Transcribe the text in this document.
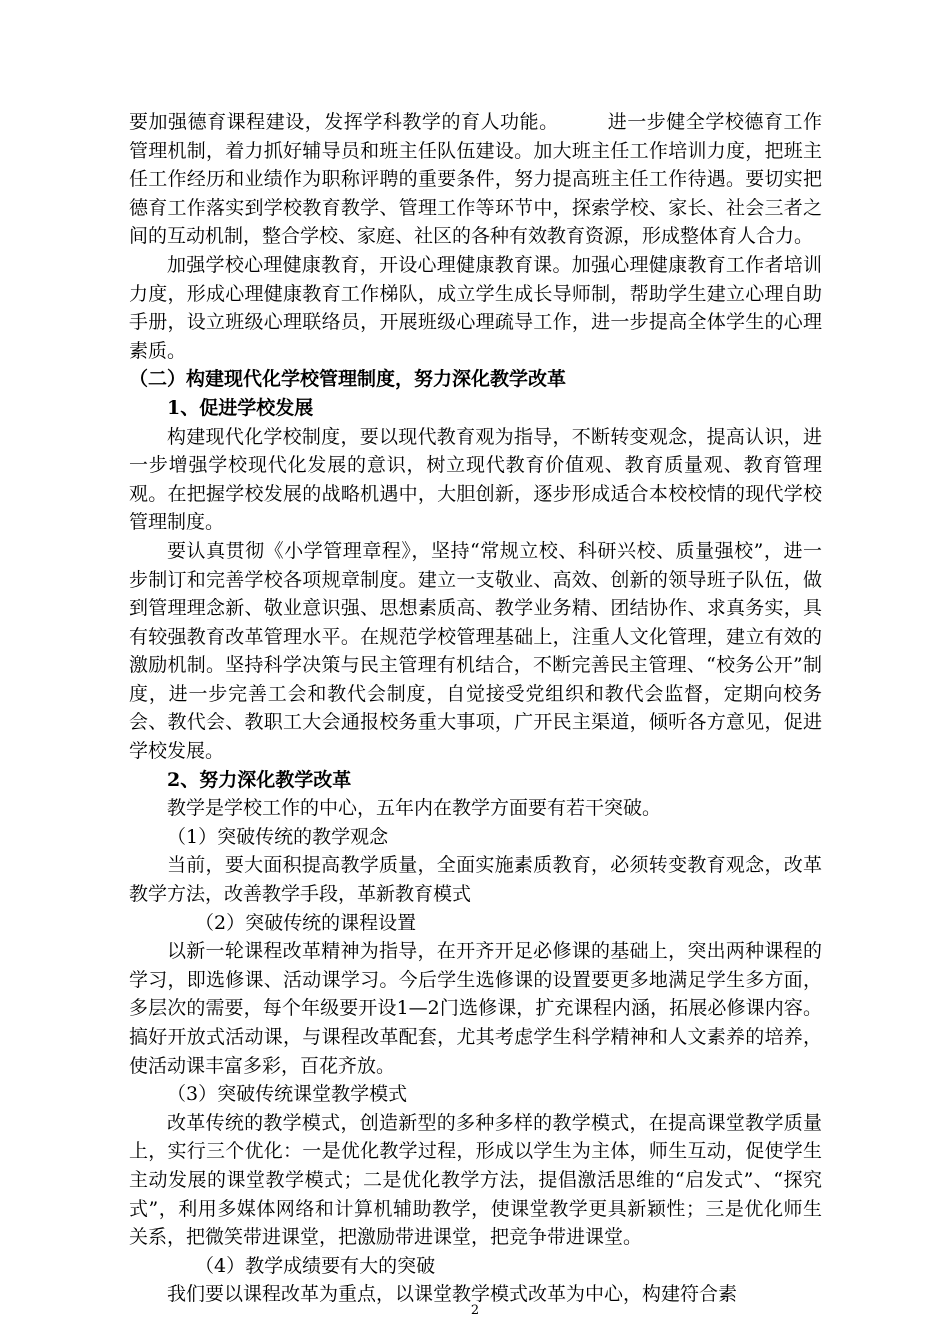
要加强德育课程建设，发挥学科教学的育人功能。　　　进一步健全学校德育工作管理机制，着力抓好辅导员和班主任队伍建设。加大班主任工作培训力度，把班主任工作经历和业绩作为职称评聘的重要条件，努力提高班主任工作待遇。要切实把德育工作落实到学校教育教学、管理工作等环节中，探索学校、家长、社会三者之间的互动机制，整合学校、家庭、社区的各种有效教育资源，形成整体育人合力。

加强学校心理健康教育，开设心理健康教育课。加强心理健康教育工作者培训力度，形成心理健康教育工作梯队，成立学生成长导师制，帮助学生建立心理自助手册，设立班级心理联络员，开展班级心理疏导工作，进一步提高全体学生的心理素质。

（二）构建现代化学校管理制度，努力深化教学改革

1、促进学校发展

构建现代化学校制度，要以现代教育观为指导，不断转变观念，提高认识，进一步增强学校现代化发展的意识，树立现代教育价值观、教育质量观、教育管理观。在把握学校发展的战略机遇中，大胆创新，逐步形成适合本校校情的现代学校管理制度。

要认真贯彻《小学管理章程》，坚持“常规立校、科研兴校、质量强校”，进一步制订和完善学校各项规章制度。建立一支敬业、高效、创新的领导班子队伍，做到管理理念新、敬业意识强、思想素质高、教学业务精、团结协作、求真务实，具有较强教育改革管理水平。在规范学校管理基础上，注重人文化管理，建立有效的激励机制。坚持科学决策与民主管理有机结合，不断完善民主管理、“校务公开”制度，进一步完善工会和教代会制度，自觉接受党组织和教代会监督，定期向校务会、教代会、教职工大会通报校务重大事项，广开民主渠道，倾听各方意见，促进学校发展。

2、努力深化教学改革

教学是学校工作的中心，五年内在教学方面要有若干突破。

（1）突破传统的教学观念

当前，要大面积提高教学质量，全面实施素质教育，必须转变教育观念，改革教学方法，改善教学手段，革新教育模式

（2）突破传统的课程设置

以新一轮课程改革精神为指导，在开齐开足必修课的基础上，突出两种课程的学习，即选修课、活动课学习。今后学生选修课的设置要更多地满足学生多方面，多层次的需要，每个年级要开设1—2门选修课，扩充课程内涵，拓展必修课内容。搞好开放式活动课，与课程改革配套，尤其考虑学生科学精神和人文素养的培养，使活动课丰富多彩，百花齐放。

（3）突破传统课堂教学模式

改革传统的教学模式，创造新型的多种多样的教学模式，在提高课堂教学质量上，实行三个优化：一是优化教学过程，形成以学生为主体，师生互动，促使学生主动发展的课堂教学模式；二是优化教学方法，提倡激活思维的“启发式”、“探究式”，利用多媒体网络和计算机辅助教学，使课堂教学更具新颖性；三是优化师生关系，把微笑带进课堂，把激励带进课堂，把竞争带进课堂。

（4）教学成绩要有大的突破

我们要以课程改革为重点，以课堂教学模式改革为中心，构建符合素

2
